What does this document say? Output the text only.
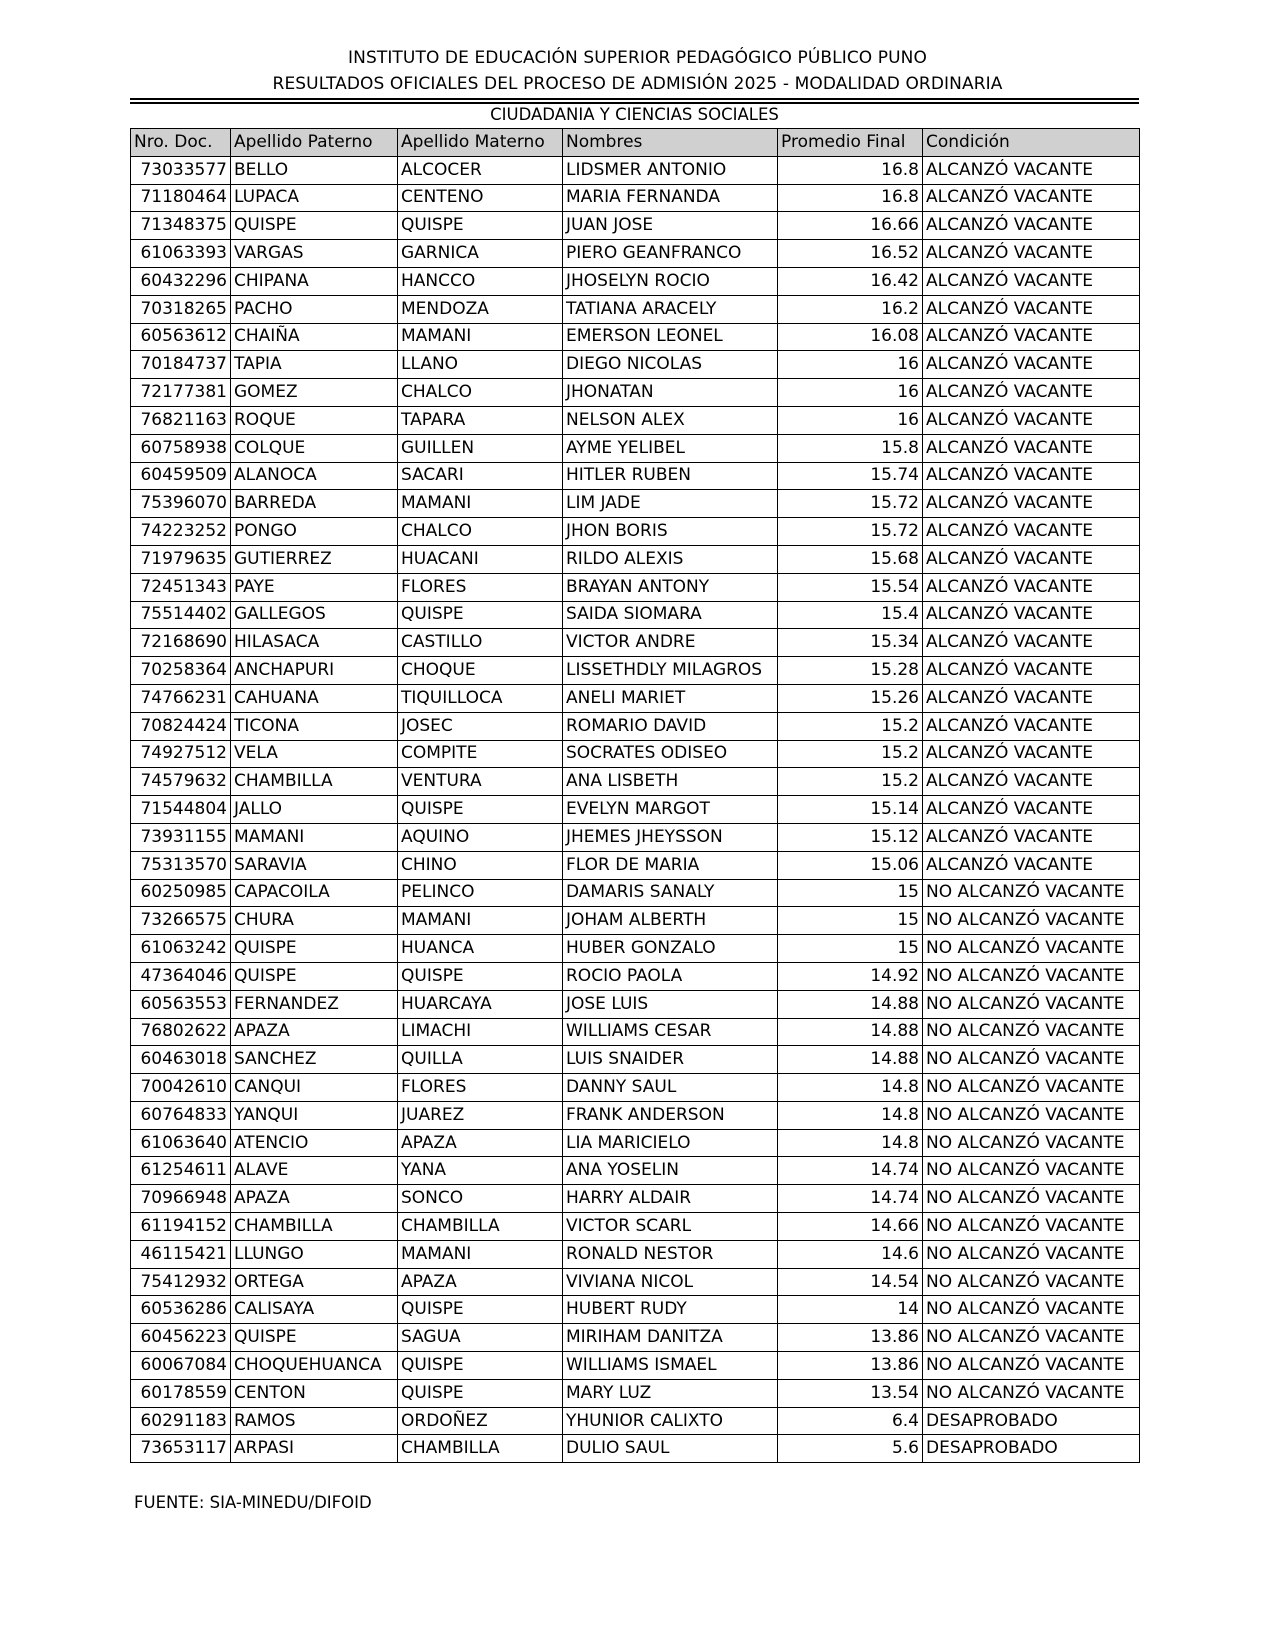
INSTITUTO DE EDUCACIÓN SUPERIOR PEDAGÓGICO PÚBLICO PUNO
RESULTADOS OFICIALES DEL PROCESO DE ADMISIÓN 2025 - MODALIDAD ORDINARIA
CIUDADANIA Y CIENCIAS SOCIALES
Nro. Doc.	Apellido Paterno	Apellido Materno	Nombres	Promedio Final	Condición
73033577	BELLO	ALCOCER	LIDSMER ANTONIO	16.8	ALCANZÓ VACANTE
71180464	LUPACA	CENTENO	MARIA FERNANDA	16.8	ALCANZÓ VACANTE
71348375	QUISPE	QUISPE	JUAN JOSE	16.66	ALCANZÓ VACANTE
61063393	VARGAS	GARNICA	PIERO GEANFRANCO	16.52	ALCANZÓ VACANTE
60432296	CHIPANA	HANCCO	JHOSELYN ROCIO	16.42	ALCANZÓ VACANTE
70318265	PACHO	MENDOZA	TATIANA ARACELY	16.2	ALCANZÓ VACANTE
60563612	CHAIÑA	MAMANI	EMERSON LEONEL	16.08	ALCANZÓ VACANTE
70184737	TAPIA	LLANO	DIEGO NICOLAS	16	ALCANZÓ VACANTE
72177381	GOMEZ	CHALCO	JHONATAN	16	ALCANZÓ VACANTE
76821163	ROQUE	TAPARA	NELSON ALEX	16	ALCANZÓ VACANTE
60758938	COLQUE	GUILLEN	AYME YELIBEL	15.8	ALCANZÓ VACANTE
60459509	ALANOCA	SACARI	HITLER RUBEN	15.74	ALCANZÓ VACANTE
75396070	BARREDA	MAMANI	LIM JADE	15.72	ALCANZÓ VACANTE
74223252	PONGO	CHALCO	JHON BORIS	15.72	ALCANZÓ VACANTE
71979635	GUTIERREZ	HUACANI	RILDO ALEXIS	15.68	ALCANZÓ VACANTE
72451343	PAYE	FLORES	BRAYAN ANTONY	15.54	ALCANZÓ VACANTE
75514402	GALLEGOS	QUISPE	SAIDA SIOMARA	15.4	ALCANZÓ VACANTE
72168690	HILASACA	CASTILLO	VICTOR ANDRE	15.34	ALCANZÓ VACANTE
70258364	ANCHAPURI	CHOQUE	LISSETHDLY MILAGROS	15.28	ALCANZÓ VACANTE
74766231	CAHUANA	TIQUILLOCA	ANELI MARIET	15.26	ALCANZÓ VACANTE
70824424	TICONA	JOSEC	ROMARIO DAVID	15.2	ALCANZÓ VACANTE
74927512	VELA	COMPITE	SOCRATES ODISEO	15.2	ALCANZÓ VACANTE
74579632	CHAMBILLA	VENTURA	ANA LISBETH	15.2	ALCANZÓ VACANTE
71544804	JALLO	QUISPE	EVELYN MARGOT	15.14	ALCANZÓ VACANTE
73931155	MAMANI	AQUINO	JHEMES JHEYSSON	15.12	ALCANZÓ VACANTE
75313570	SARAVIA	CHINO	FLOR DE MARIA	15.06	ALCANZÓ VACANTE
60250985	CAPACOILA	PELINCO	DAMARIS SANALY	15	NO ALCANZÓ VACANTE
73266575	CHURA	MAMANI	JOHAM ALBERTH	15	NO ALCANZÓ VACANTE
61063242	QUISPE	HUANCA	HUBER GONZALO	15	NO ALCANZÓ VACANTE
47364046	QUISPE	QUISPE	ROCIO PAOLA	14.92	NO ALCANZÓ VACANTE
60563553	FERNANDEZ	HUARCAYA	JOSE LUIS	14.88	NO ALCANZÓ VACANTE
76802622	APAZA	LIMACHI	WILLIAMS CESAR	14.88	NO ALCANZÓ VACANTE
60463018	SANCHEZ	QUILLA	LUIS SNAIDER	14.88	NO ALCANZÓ VACANTE
70042610	CANQUI	FLORES	DANNY SAUL	14.8	NO ALCANZÓ VACANTE
60764833	YANQUI	JUAREZ	FRANK ANDERSON	14.8	NO ALCANZÓ VACANTE
61063640	ATENCIO	APAZA	LIA MARICIELO	14.8	NO ALCANZÓ VACANTE
61254611	ALAVE	YANA	ANA YOSELIN	14.74	NO ALCANZÓ VACANTE
70966948	APAZA	SONCO	HARRY ALDAIR	14.74	NO ALCANZÓ VACANTE
61194152	CHAMBILLA	CHAMBILLA	VICTOR SCARL	14.66	NO ALCANZÓ VACANTE
46115421	LLUNGO	MAMANI	RONALD NESTOR	14.6	NO ALCANZÓ VACANTE
75412932	ORTEGA	APAZA	VIVIANA NICOL	14.54	NO ALCANZÓ VACANTE
60536286	CALISAYA	QUISPE	HUBERT RUDY	14	NO ALCANZÓ VACANTE
60456223	QUISPE	SAGUA	MIRIHAM DANITZA	13.86	NO ALCANZÓ VACANTE
60067084	CHOQUEHUANCA	QUISPE	WILLIAMS ISMAEL	13.86	NO ALCANZÓ VACANTE
60178559	CENTON	QUISPE	MARY LUZ	13.54	NO ALCANZÓ VACANTE
60291183	RAMOS	ORDOÑEZ	YHUNIOR CALIXTO	6.4	DESAPROBADO
73653117	ARPASI	CHAMBILLA	DULIO SAUL	5.6	DESAPROBADO
FUENTE: SIA-MINEDU/DIFOID
